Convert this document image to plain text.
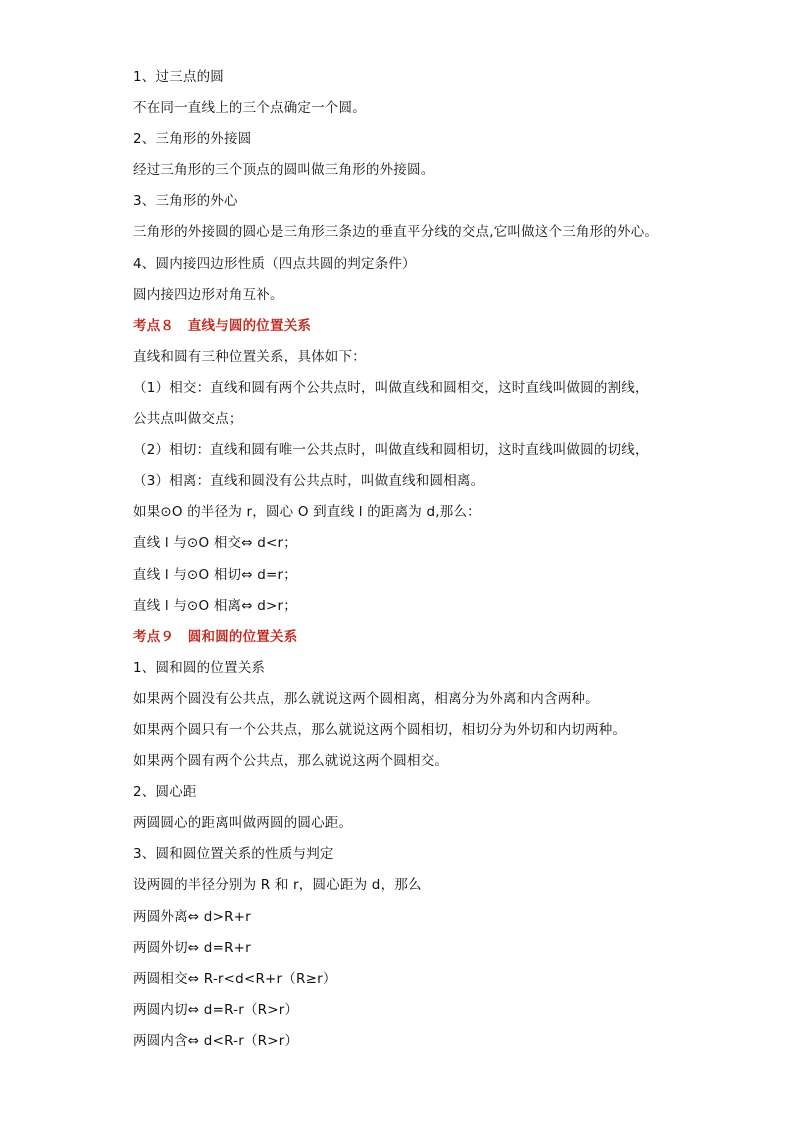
1、过三点的圆
不在同一直线上的三个点确定一个圆。
2、三角形的外接圆
经过三角形的三个顶点的圆叫做三角形的外接圆。
3、三角形的外心
三角形的外接圆的圆心是三角形三条边的垂直平分线的交点,它叫做这个三角形的外心。
4、圆内接四边形性质（四点共圆的判定条件）
圆内接四边形对角互补。
考点８　直线与圆的位置关系
直线和圆有三种位置关系，具体如下：
（1）相交：直线和圆有两个公共点时，叫做直线和圆相交，这时直线叫做圆的割线，
公共点叫做交点；
（2）相切：直线和圆有唯一公共点时，叫做直线和圆相切，这时直线叫做圆的切线，
（3）相离：直线和圆没有公共点时，叫做直线和圆相离。
如果⊙O 的半径为 r，圆心 O 到直线 l 的距离为 d,那么：
直线 l 与⊙O 相交⇔ d<r；
直线 l 与⊙O 相切⇔ d=r；
直线 l 与⊙O 相离⇔ d>r；
考点９　圆和圆的位置关系
1、圆和圆的位置关系
如果两个圆没有公共点，那么就说这两个圆相离，相离分为外离和内含两种。
如果两个圆只有一个公共点，那么就说这两个圆相切，相切分为外切和内切两种。
如果两个圆有两个公共点，那么就说这两个圆相交。
2、圆心距
两圆圆心的距离叫做两圆的圆心距。
3、圆和圆位置关系的性质与判定
设两圆的半径分别为 R 和 r，圆心距为 d，那么
两圆外离⇔ d>R+r
两圆外切⇔ d=R+r
两圆相交⇔ R-r<d<R+r（R≥r）
两圆内切⇔ d=R-r（R>r）
两圆内含⇔ d<R-r（R>r）
